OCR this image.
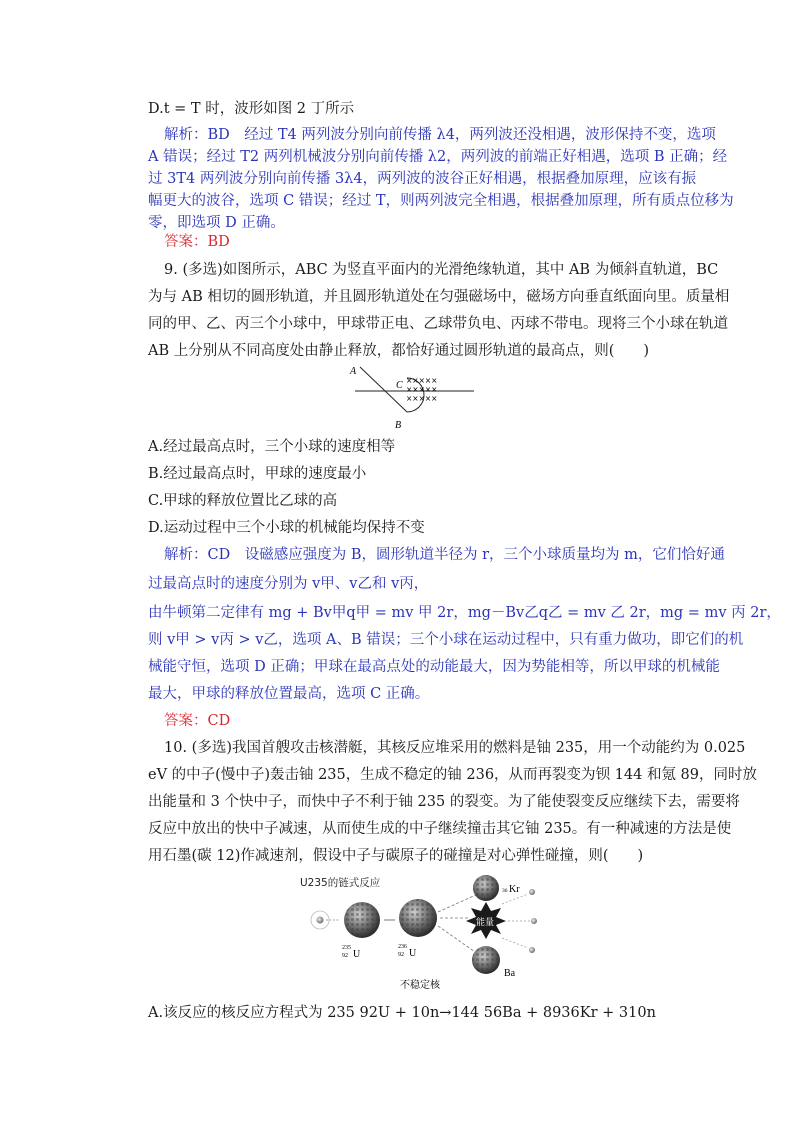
D.t = T 时，波形如图 2 丁所示
解析：BD　经过 T4 两列波分别向前传播 λ4，两列波还没相遇，波形保持不变，选项
A 错误；经过 T2 两列机械波分别向前传播 λ2，两列波的前端正好相遇，选项 B 正确；经
过 3T4 两列波分别向前传播 3λ4，两列波的波谷正好相遇，根据叠加原理，应该有振
幅更大的波谷，选项 C 错误；经过 T，则两列波完全相遇，根据叠加原理，所有质点位移为
零，即选项 D 正确。
答案：BD
9. (多选)如图所示，ABC 为竖直平面内的光滑绝缘轨道，其中 AB 为倾斜直轨道，BC
为与 AB 相切的圆形轨道，并且圆形轨道处在匀强磁场中，磁场方向垂直纸面向里。质量相
同的甲、乙、丙三个小球中，甲球带正电、乙球带负电、丙球不带电。现将三个小球在轨道
AB 上分别从不同高度处由静止释放，都恰好通过圆形轨道的最高点，则(　　)
A
B
C ×××××
×××××
×××××
A.经过最高点时，三个小球的速度相等
B.经过最高点时，甲球的速度最小
C.甲球的释放位置比乙球的高
D.运动过程中三个小球的机械能均保持不变
解析：CD　设磁感应强度为 B，圆形轨道半径为 r，三个小球质量均为 m，它们恰好通
过最高点时的速度分别为 v甲、v乙和 v丙，
由牛顿第二定律有 mg + Bv甲q甲 = mv 甲 2r，mg－Bv乙q乙 = mv 乙 2r，mg = mv 丙 2r，
则 v甲 > v丙 > v乙，选项 A、B 错误；三个小球在运动过程中，只有重力做功，即它们的机
械能守恒，选项 D 正确；甲球在最高点处的动能最大，因为势能相等，所以甲球的机械能
最大，甲球的释放位置最高，选项 C 正确。
答案：CD
10. (多选)我国首艘攻击核潜艇，其核反应堆采用的燃料是铀 235，用一个动能约为 0.025
eV 的中子(慢中子)轰击铀 235，生成不稳定的铀 236，从而再裂变为钡 144 和氪 89，同时放
出能量和 3 个快中子，而快中子不利于铀 235 的裂变。为了能使裂变反应继续下去，需要将
反应中放出的快中子减速，从而使生成的中子继续撞击其它铀 235。有一种减速的方法是使
用石墨(碳 12)作减速剂，假设中子与碳原子的碰撞是对心弹性碰撞，则(　　)
U235的链式反应
235
92 U
236
92 U
不稳定核
36 Kr
能量
Ba
A.该反应的核反应方程式为 235 92U + 10n→144 56Ba + 8936Kr + 310n
